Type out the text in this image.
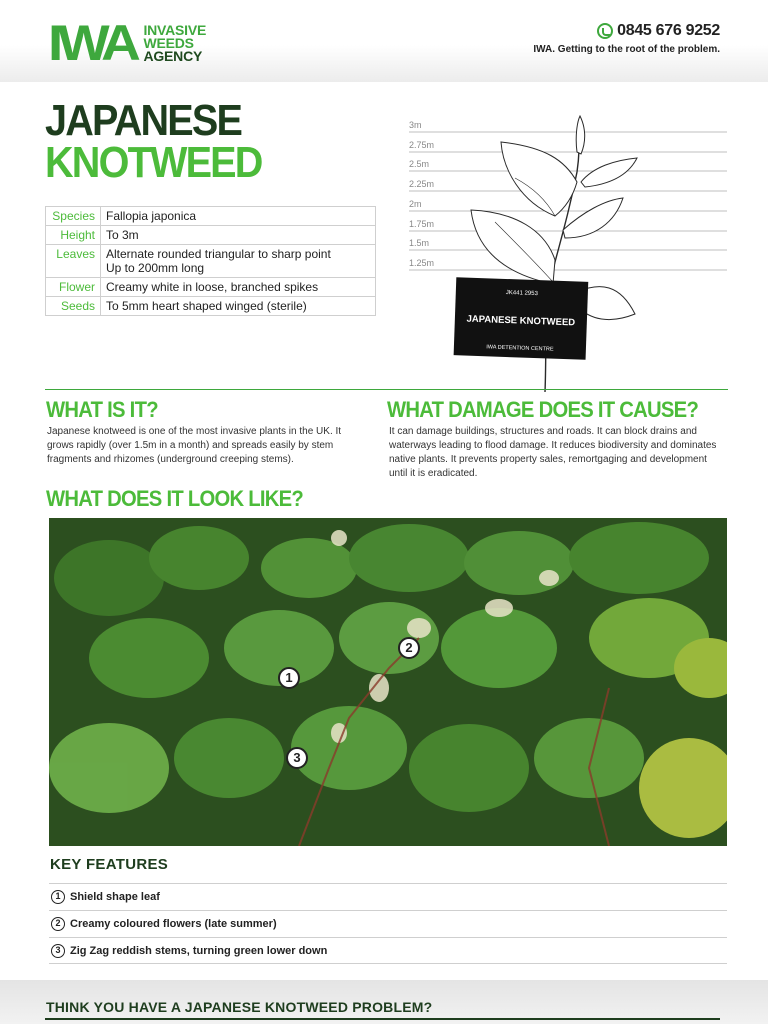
IWA INVASIVE
WEEDS
AGENCY
0845 676 9252
IWA. Getting to the root of the problem.
JAPANESE
KNOTWEED
Species	Fallopia japonica
Height	To 3m
Leaves	Alternate rounded triangular to sharp point
Up to 200mm long

Flower	Creamy white in loose, branched spikes
Seeds	To 5mm heart shaped winged (sterile)
3m
2.75m
2.5m
2.25m
2m
1.75m
1.5m
1.25m
JK441 2953
JAPANESE KNOTWEED
IWA DETENTION CENTRE
WHAT IS IT?
Japanese knotweed is one of the most invasive plants in the UK. It grows rapidly (over 1.5m in a month) and spreads easily by stem fragments and rhizomes (underground creeping stems).
WHAT DAMAGE DOES IT CAUSE?
It can damage buildings, structures and roads. It can block drains and waterways leading to flood damage. It reduces biodiversity and dominates native plants. It prevents property sales, remortgaging and development until it is eradicated.
WHAT DOES IT LOOK LIKE?
1
2
3
KEY FEATURES
1 Shield shape leaf
2 Creamy coloured flowers (late summer)
3 Zig Zag reddish stems, turning green lower down
THINK YOU HAVE A JAPANESE KNOTWEED PROBLEM?
